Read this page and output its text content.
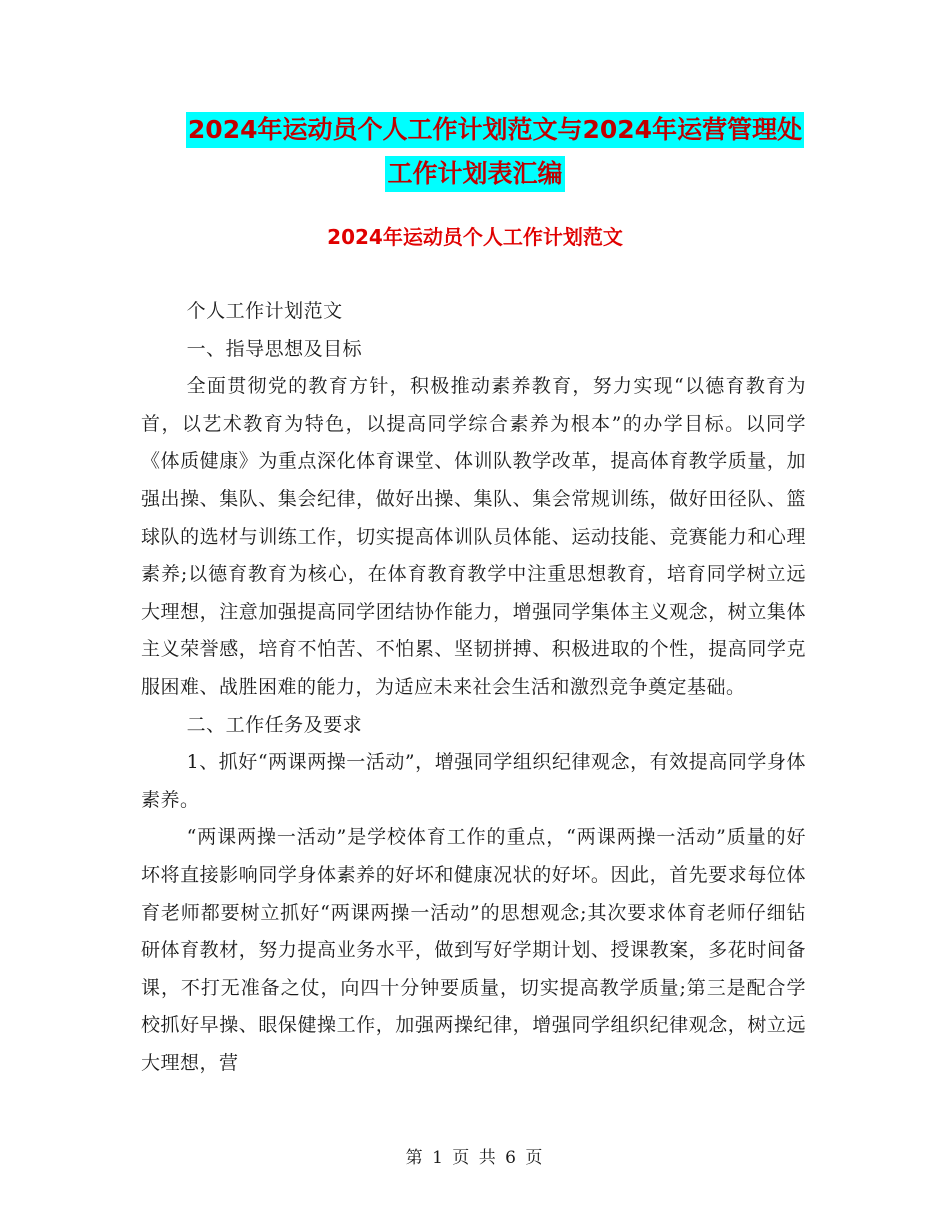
2024年运动员个人工作计划范文与2024年运营管理处
工作计划表汇编
2024年运动员个人工作计划范文

个人工作计划范文

一、指导思想及目标

全面贯彻党的教育方针，积极推动素养教育，努力实现“以德育教育为首，以艺术教育为特色，以提高同学综合素养为根本”的办学目标。以同学《体质健康》为重点深化体育课堂、体训队教学改革，提高体育教学质量，加强出操、集队、集会纪律，做好出操、集队、集会常规训练，做好田径队、篮球队的选材与训练工作，切实提高体训队员体能、运动技能、竞赛能力和心理素养;以德育教育为核心，在体育教育教学中注重思想教育，培育同学树立远大理想，注意加强提高同学团结协作能力，增强同学集体主义观念，树立集体主义荣誉感，培育不怕苦、不怕累、坚韧拼搏、积极进取的个性，提高同学克服困难、战胜困难的能力，为适应未来社会生活和激烈竞争奠定基础。

二、工作任务及要求

1、抓好“两课两操一活动”，增强同学组织纪律观念，有效提高同学身体素养。

“两课两操一活动”是学校体育工作的重点，“两课两操一活动”质量的好坏将直接影响同学身体素养的好坏和健康况状的好坏。因此，首先要求每位体育老师都要树立抓好“两课两操一活动”的思想观念;其次要求体育老师仔细钻研体育教材，努力提高业务水平，做到写好学期计划、授课教案，多花时间备课，不打无准备之仗，向四十分钟要质量，切实提高教学质量;第三是配合学校抓好早操、眼保健操工作，加强两操纪律，增强同学组织纪律观念，树立远大理想，营

第 1 页 共 6 页
